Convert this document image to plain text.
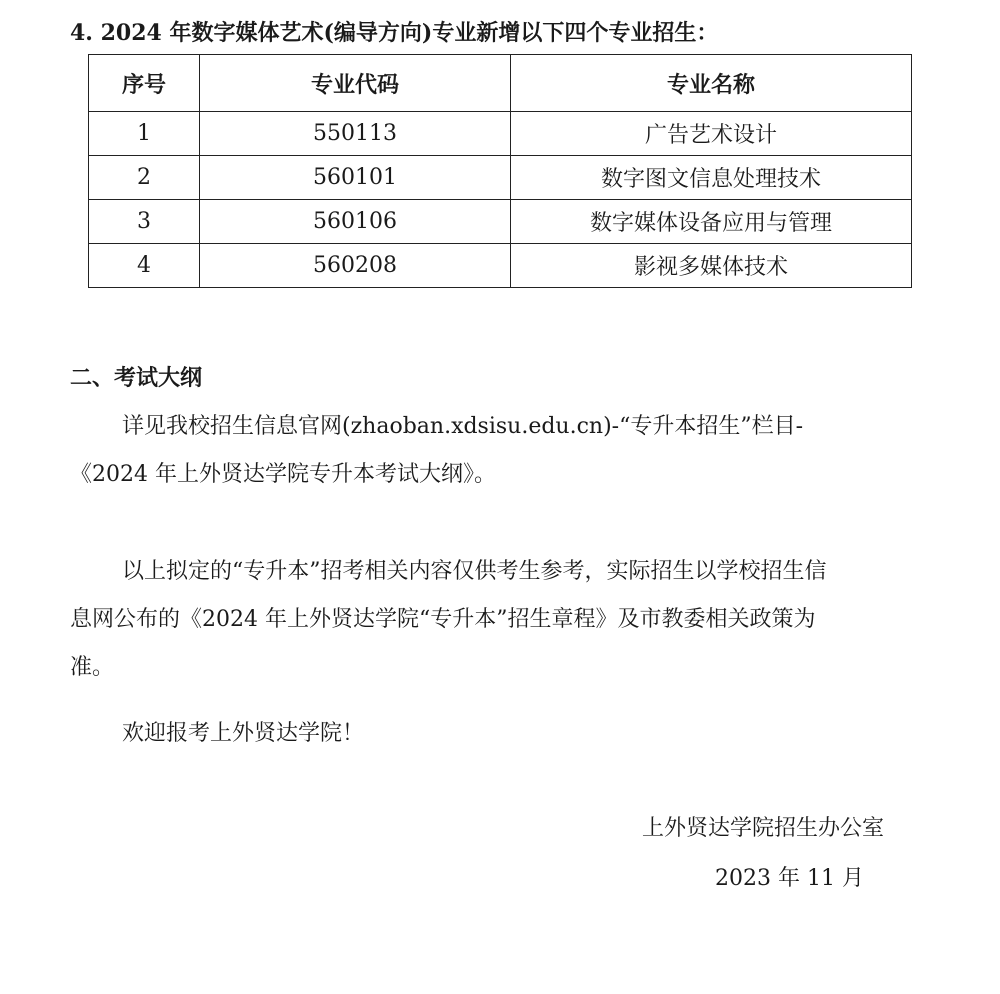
4. 2024 年数字媒体艺术(编导方向)专业新增以下四个专业招生：
序号	专业代码	专业名称
1	550113	广告艺术设计
2	560101	数字图文信息处理技术
3	560106	数字媒体设备应用与管理
4	560208	影视多媒体技术
二、考试大纲
详见我校招生信息官网(zhaoban.xdsisu.edu.cn)-“专升本招生”栏目-
《2024 年上外贤达学院专升本考试大纲》。
以上拟定的“专升本”招考相关内容仅供考生参考，实际招生以学校招生信
息网公布的《2024 年上外贤达学院“专升本”招生章程》及市教委相关政策为
准。
欢迎报考上外贤达学院！
上外贤达学院招生办公室
2023 年 11 月
